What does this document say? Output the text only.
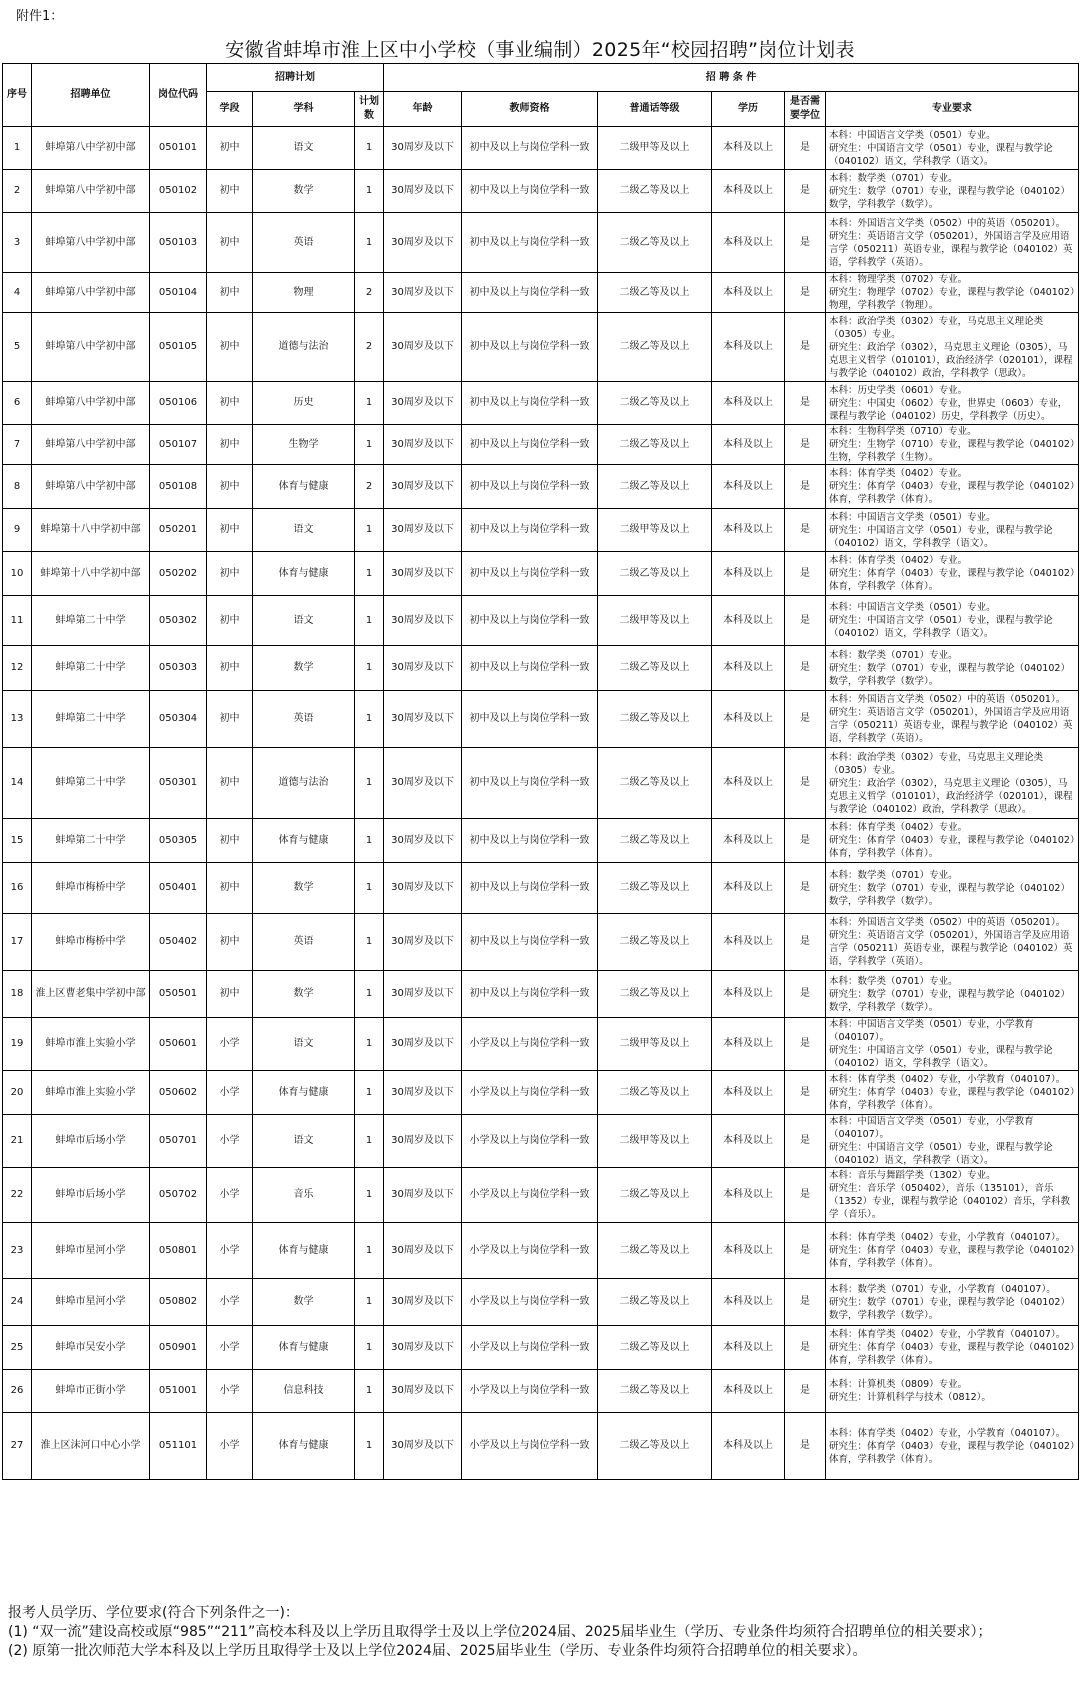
附件1：
安徽省蚌埠市淮上区中小学校（事业编制）2025年“校园招聘”岗位计划表
序号	招聘单位	岗位代码	招聘计划			招 聘 条 件					
			学段	学科	计划数	年龄	教师资格	普通话等级	学历	是否需要学位	专业要求
1	蚌埠第八中学初中部	050101	初中	语文	1	30周岁及以下	初中及以上与岗位学科一致	二级甲等及以上	本科及以上	是	本科：中国语言文学类（0501）专业。
研究生：中国语言文学（0501）专业，课程与教学论（040102）语文，学科教学（语文）。
2	蚌埠第八中学初中部	050102	初中	数学	1	30周岁及以下	初中及以上与岗位学科一致	二级乙等及以上	本科及以上	是	本科：数学类（0701）专业。
研究生：数学（0701）专业，课程与教学论（040102）数学，学科教学（数学）。
3	蚌埠第八中学初中部	050103	初中	英语	1	30周岁及以下	初中及以上与岗位学科一致	二级乙等及以上	本科及以上	是	本科：外国语言文学类（0502）中的英语（050201）。
研究生：英语语言文学（050201），外国语言学及应用语言学（050211）英语专业，课程与教学论（040102）英语，学科教学（英语）。
4	蚌埠第八中学初中部	050104	初中	物理	2	30周岁及以下	初中及以上与岗位学科一致	二级乙等及以上	本科及以上	是	本科：物理学类（0702）专业。
研究生：物理学（0702）专业，课程与教学论（040102）物理，学科教学（物理）。
5	蚌埠第八中学初中部	050105	初中	道德与法治	2	30周岁及以下	初中及以上与岗位学科一致	二级乙等及以上	本科及以上	是	本科：政治学类（0302）专业，马克思主义理论类（0305）专业。
研究生：政治学（0302），马克思主义理论（0305），马克思主义哲学（010101），政治经济学（020101），课程与教学论（040102）政治，学科教学（思政）。
6	蚌埠第八中学初中部	050106	初中	历史	1	30周岁及以下	初中及以上与岗位学科一致	二级乙等及以上	本科及以上	是	本科：历史学类（0601）专业。
研究生：中国史（0602）专业，世界史（0603）专业，课程与教学论（040102）历史，学科教学（历史）。
7	蚌埠第八中学初中部	050107	初中	生物学	1	30周岁及以下	初中及以上与岗位学科一致	二级乙等及以上	本科及以上	是	本科：生物科学类（0710）专业。
研究生：生物学（0710）专业，课程与教学论（040102）生物，学科教学（生物）。
8	蚌埠第八中学初中部	050108	初中	体育与健康	2	30周岁及以下	初中及以上与岗位学科一致	二级乙等及以上	本科及以上	是	本科：体育学类（0402）专业。
研究生：体育学（0403）专业，课程与教学论（040102）体育，学科教学（体育）。
9	蚌埠第十八中学初中部	050201	初中	语文	1	30周岁及以下	初中及以上与岗位学科一致	二级甲等及以上	本科及以上	是	本科：中国语言文学类（0501）专业。
研究生：中国语言文学（0501）专业，课程与教学论（040102）语文，学科教学（语文）。
10	蚌埠第十八中学初中部	050202	初中	体育与健康	1	30周岁及以下	初中及以上与岗位学科一致	二级乙等及以上	本科及以上	是	本科：体育学类（0402）专业。
研究生：体育学（0403）专业，课程与教学论（040102）体育，学科教学（体育）。
11	蚌埠第二十中学	050302	初中	语文	1	30周岁及以下	初中及以上与岗位学科一致	二级甲等及以上	本科及以上	是	本科：中国语言文学类（0501）专业。
研究生：中国语言文学（0501）专业，课程与教学论（040102）语文，学科教学（语文）。
12	蚌埠第二十中学	050303	初中	数学	1	30周岁及以下	初中及以上与岗位学科一致	二级乙等及以上	本科及以上	是	本科：数学类（0701）专业。
研究生：数学（0701）专业，课程与教学论（040102）数学，学科教学（数学）。
13	蚌埠第二十中学	050304	初中	英语	1	30周岁及以下	初中及以上与岗位学科一致	二级乙等及以上	本科及以上	是	本科：外国语言文学类（0502）中的英语（050201）。
研究生：英语语言文学（050201），外国语言学及应用语言学（050211）英语专业，课程与教学论（040102）英语，学科教学（英语）。
14	蚌埠第二十中学	050301	初中	道德与法治	1	30周岁及以下	初中及以上与岗位学科一致	二级乙等及以上	本科及以上	是	本科：政治学类（0302）专业，马克思主义理论类（0305）专业。
研究生：政治学（0302），马克思主义理论（0305），马克思主义哲学（010101），政治经济学（020101），课程与教学论（040102）政治，学科教学（思政）。
15	蚌埠第二十中学	050305	初中	体育与健康	1	30周岁及以下	初中及以上与岗位学科一致	二级乙等及以上	本科及以上	是	本科：体育学类（0402）专业。
研究生：体育学（0403）专业，课程与教学论（040102）体育，学科教学（体育）。
16	蚌埠市梅桥中学	050401	初中	数学	1	30周岁及以下	初中及以上与岗位学科一致	二级乙等及以上	本科及以上	是	本科：数学类（0701）专业。
研究生：数学（0701）专业，课程与教学论（040102）数学，学科教学（数学）。
17	蚌埠市梅桥中学	050402	初中	英语	1	30周岁及以下	初中及以上与岗位学科一致	二级乙等及以上	本科及以上	是	本科：外国语言文学类（0502）中的英语（050201）。
研究生：英语语言文学（050201），外国语言学及应用语言学（050211）英语专业，课程与教学论（040102）英语，学科教学（英语）。
18	淮上区曹老集中学初中部	050501	初中	数学	1	30周岁及以下	初中及以上与岗位学科一致	二级乙等及以上	本科及以上	是	本科：数学类（0701）专业。
研究生：数学（0701）专业，课程与教学论（040102）数学，学科教学（数学）。
19	蚌埠市淮上实验小学	050601	小学	语文	1	30周岁及以下	小学及以上与岗位学科一致	二级甲等及以上	本科及以上	是	本科：中国语言文学类（0501）专业，小学教育（040107）。
研究生：中国语言文学（0501）专业，课程与教学论（040102）语文，学科教学（语文）。
20	蚌埠市淮上实验小学	050602	小学	体育与健康	1	30周岁及以下	小学及以上与岗位学科一致	二级乙等及以上	本科及以上	是	本科：体育学类（0402）专业，小学教育（040107）。
研究生：体育学（0403）专业，课程与教学论（040102）体育，学科教学（体育）。
21	蚌埠市后场小学	050701	小学	语文	1	30周岁及以下	小学及以上与岗位学科一致	二级甲等及以上	本科及以上	是	本科：中国语言文学类（0501）专业，小学教育（040107）。
研究生：中国语言文学（0501）专业，课程与教学论（040102）语文，学科教学（语文）。
22	蚌埠市后场小学	050702	小学	音乐	1	30周岁及以下	小学及以上与岗位学科一致	二级乙等及以上	本科及以上	是	本科：音乐与舞蹈学类（1302）专业。
研究生：音乐学（050402），音乐（135101），音乐（1352）专业，课程与教学论（040102）音乐，学科教学（音乐）。
23	蚌埠市星河小学	050801	小学	体育与健康	1	30周岁及以下	小学及以上与岗位学科一致	二级乙等及以上	本科及以上	是	本科：体育学类（0402）专业，小学教育（040107）。
研究生：体育学（0403）专业，课程与教学论（040102）体育，学科教学（体育）。
24	蚌埠市星河小学	050802	小学	数学	1	30周岁及以下	小学及以上与岗位学科一致	二级乙等及以上	本科及以上	是	本科：数学类（0701）专业，小学教育（040107）。
研究生：数学（0701）专业，课程与教学论（040102）数学，学科教学（数学）。
25	蚌埠市吴安小学	050901	小学	体育与健康	1	30周岁及以下	小学及以上与岗位学科一致	二级乙等及以上	本科及以上	是	本科：体育学类（0402）专业，小学教育（040107）。
研究生：体育学（0403）专业，课程与教学论（040102）体育，学科教学（体育）。
26	蚌埠市正街小学	051001	小学	信息科技	1	30周岁及以下	小学及以上与岗位学科一致	二级乙等及以上	本科及以上	是	本科：计算机类（0809）专业。
研究生：计算机科学与技术（0812）。
27	淮上区沫河口中心小学	051101	小学	体育与健康	1	30周岁及以下	小学及以上与岗位学科一致	二级乙等及以上	本科及以上	是	本科：体育学类（0402）专业，小学教育（040107）。
研究生：体育学（0403）专业，课程与教学论（040102）体育，学科教学（体育）。
报考人员学历、学位要求(符合下列条件之一)：
(1) “双一流”建设高校或原“985”“211”高校本科及以上学历且取得学士及以上学位2024届、2025届毕业生（学历、专业条件均须符合招聘单位的相关要求）；
(2) 原第一批次师范大学本科及以上学历且取得学士及以上学位2024届、2025届毕业生（学历、专业条件均须符合招聘单位的相关要求）。
